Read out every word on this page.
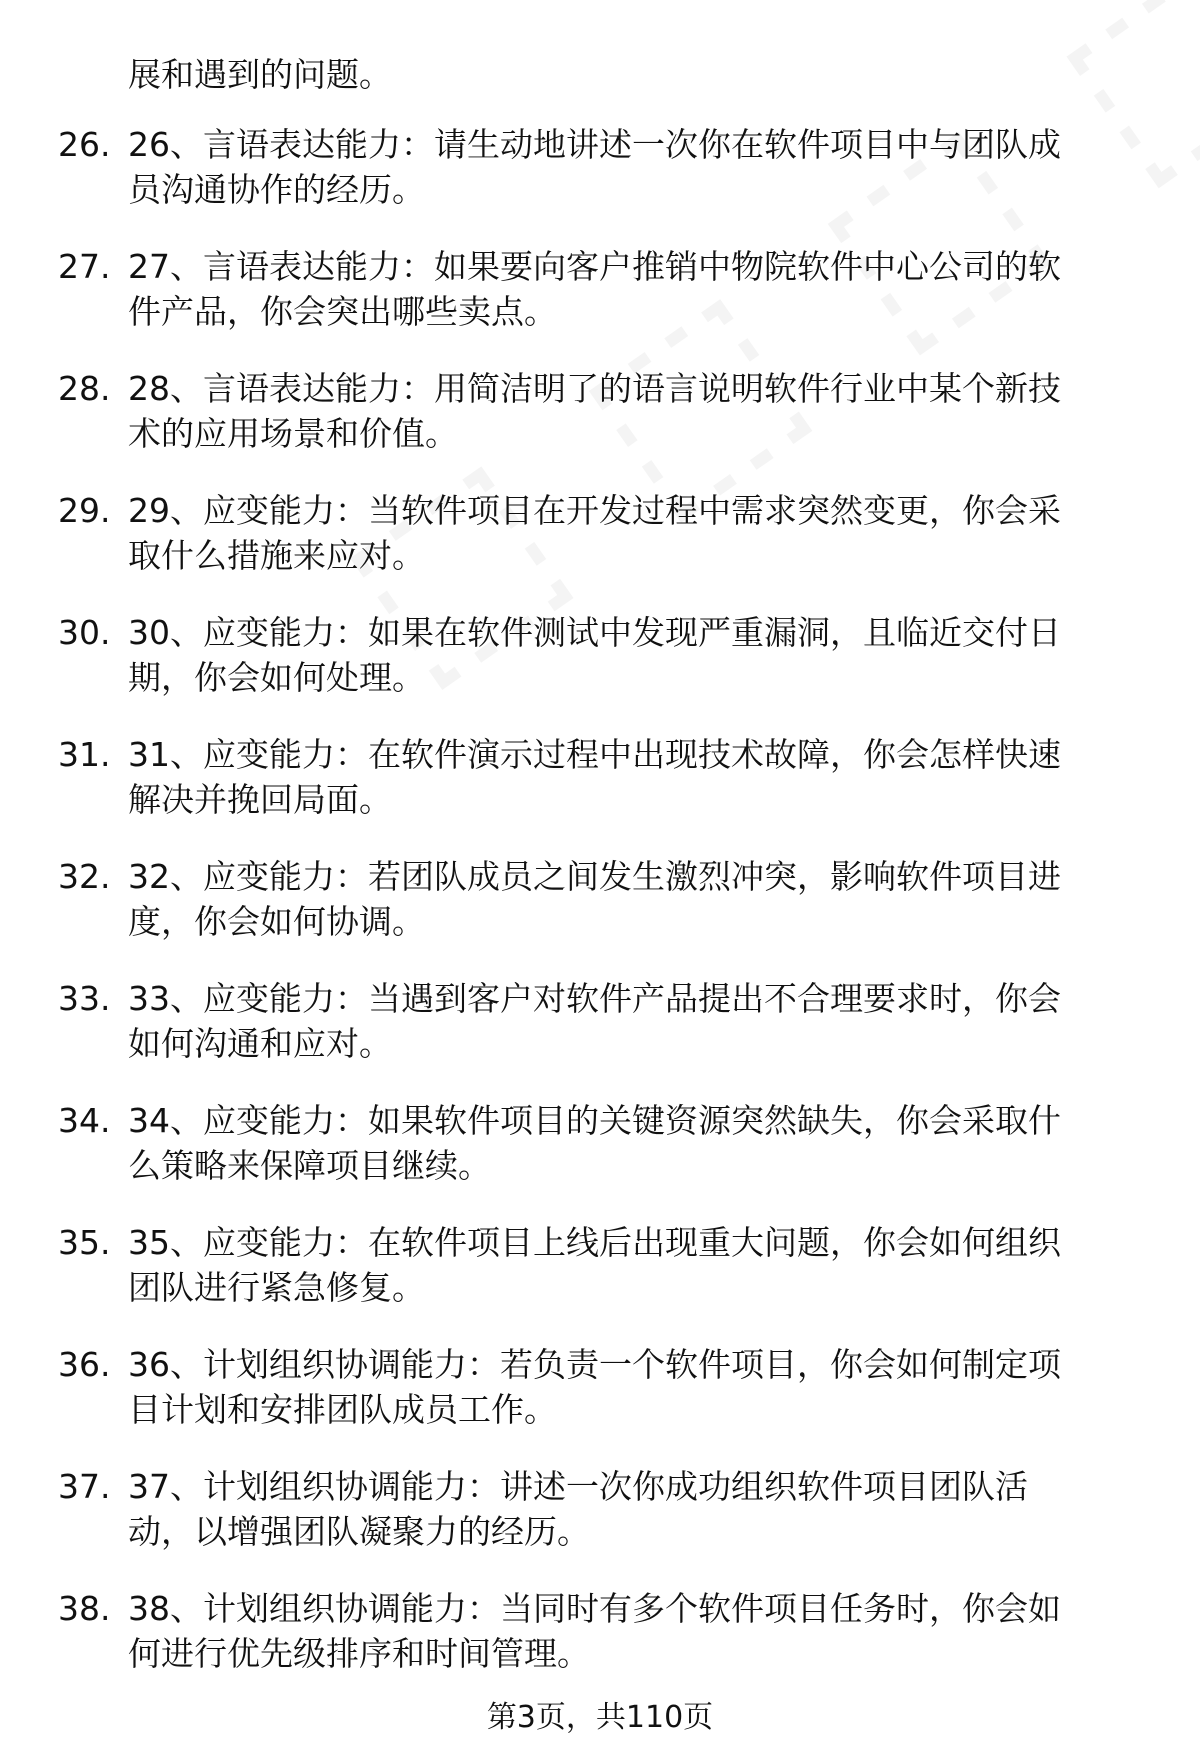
展和遇到的问题。
26. 26、言语表达能力：请生动地讲述一次你在软件项目中与团队成
员沟通协作的经历。
27. 27、言语表达能力：如果要向客户推销中物院软件中心公司的软
件产品，你会突出哪些卖点。
28. 28、言语表达能力：用简洁明了的语言说明软件行业中某个新技
术的应用场景和价值。
29. 29、应变能力：当软件项目在开发过程中需求突然变更，你会采
取什么措施来应对。
30. 30、应变能力：如果在软件测试中发现严重漏洞，且临近交付日
期，你会如何处理。
31. 31、应变能力：在软件演示过程中出现技术故障，你会怎样快速
解决并挽回局面。
32. 32、应变能力：若团队成员之间发生激烈冲突，影响软件项目进
度，你会如何协调。
33. 33、应变能力：当遇到客户对软件产品提出不合理要求时，你会
如何沟通和应对。
34. 34、应变能力：如果软件项目的关键资源突然缺失，你会采取什
么策略来保障项目继续。
35. 35、应变能力：在软件项目上线后出现重大问题，你会如何组织
团队进行紧急修复。
36. 36、计划组织协调能力：若负责一个软件项目，你会如何制定项
目计划和安排团队成员工作。
37. 37、计划组织协调能力：讲述一次你成功组织软件项目团队活
动，以增强团队凝聚力的经历。
38. 38、计划组织协调能力：当同时有多个软件项目任务时，你会如
何进行优先级排序和时间管理。
第3页，共110页
